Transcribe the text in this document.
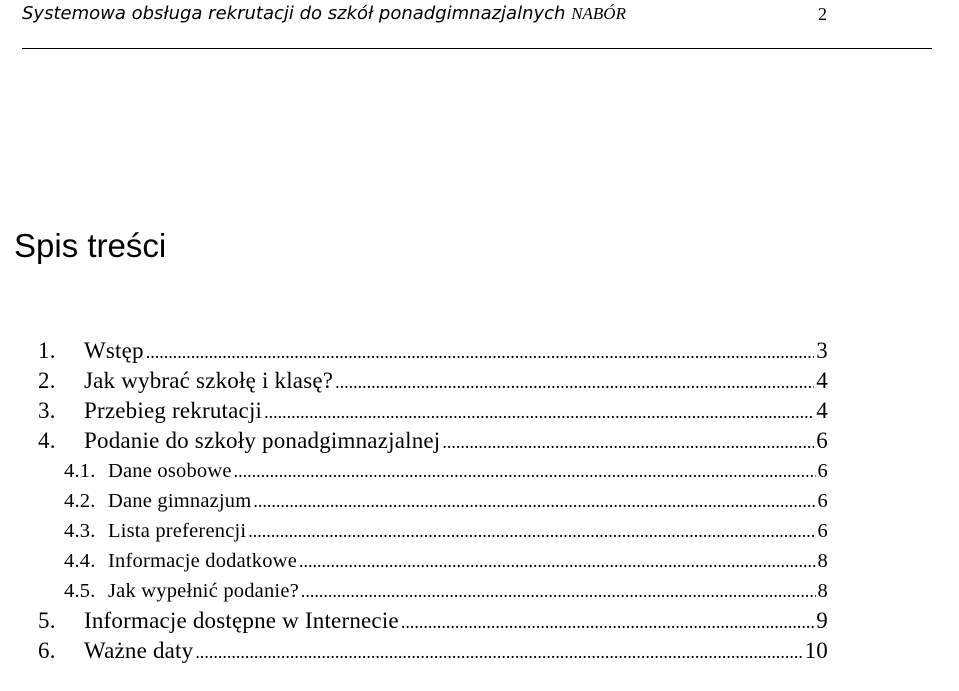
Systemowa obsługa rekrutacji do szkół ponadgimnazjalnych NABÓR	2
Spis treści
1.	Wstęp .....	3
2.	Jak wybrać szkołę i klasę? .....	4
3.	Przebieg rekrutacji .....	4
4.	Podanie do szkoły ponadgimnazjalnej .....	6
4.1. Dane osobowe .....	6
4.2. Dane gimnazjum .....	6
4.3. Lista preferencji .....	6
4.4. Informacje dodatkowe .....	8
4.5. Jak wypełnić podanie? .....	8
5.	Informacje dostępne w Internecie .....	9
6.	Ważne daty .....	10
